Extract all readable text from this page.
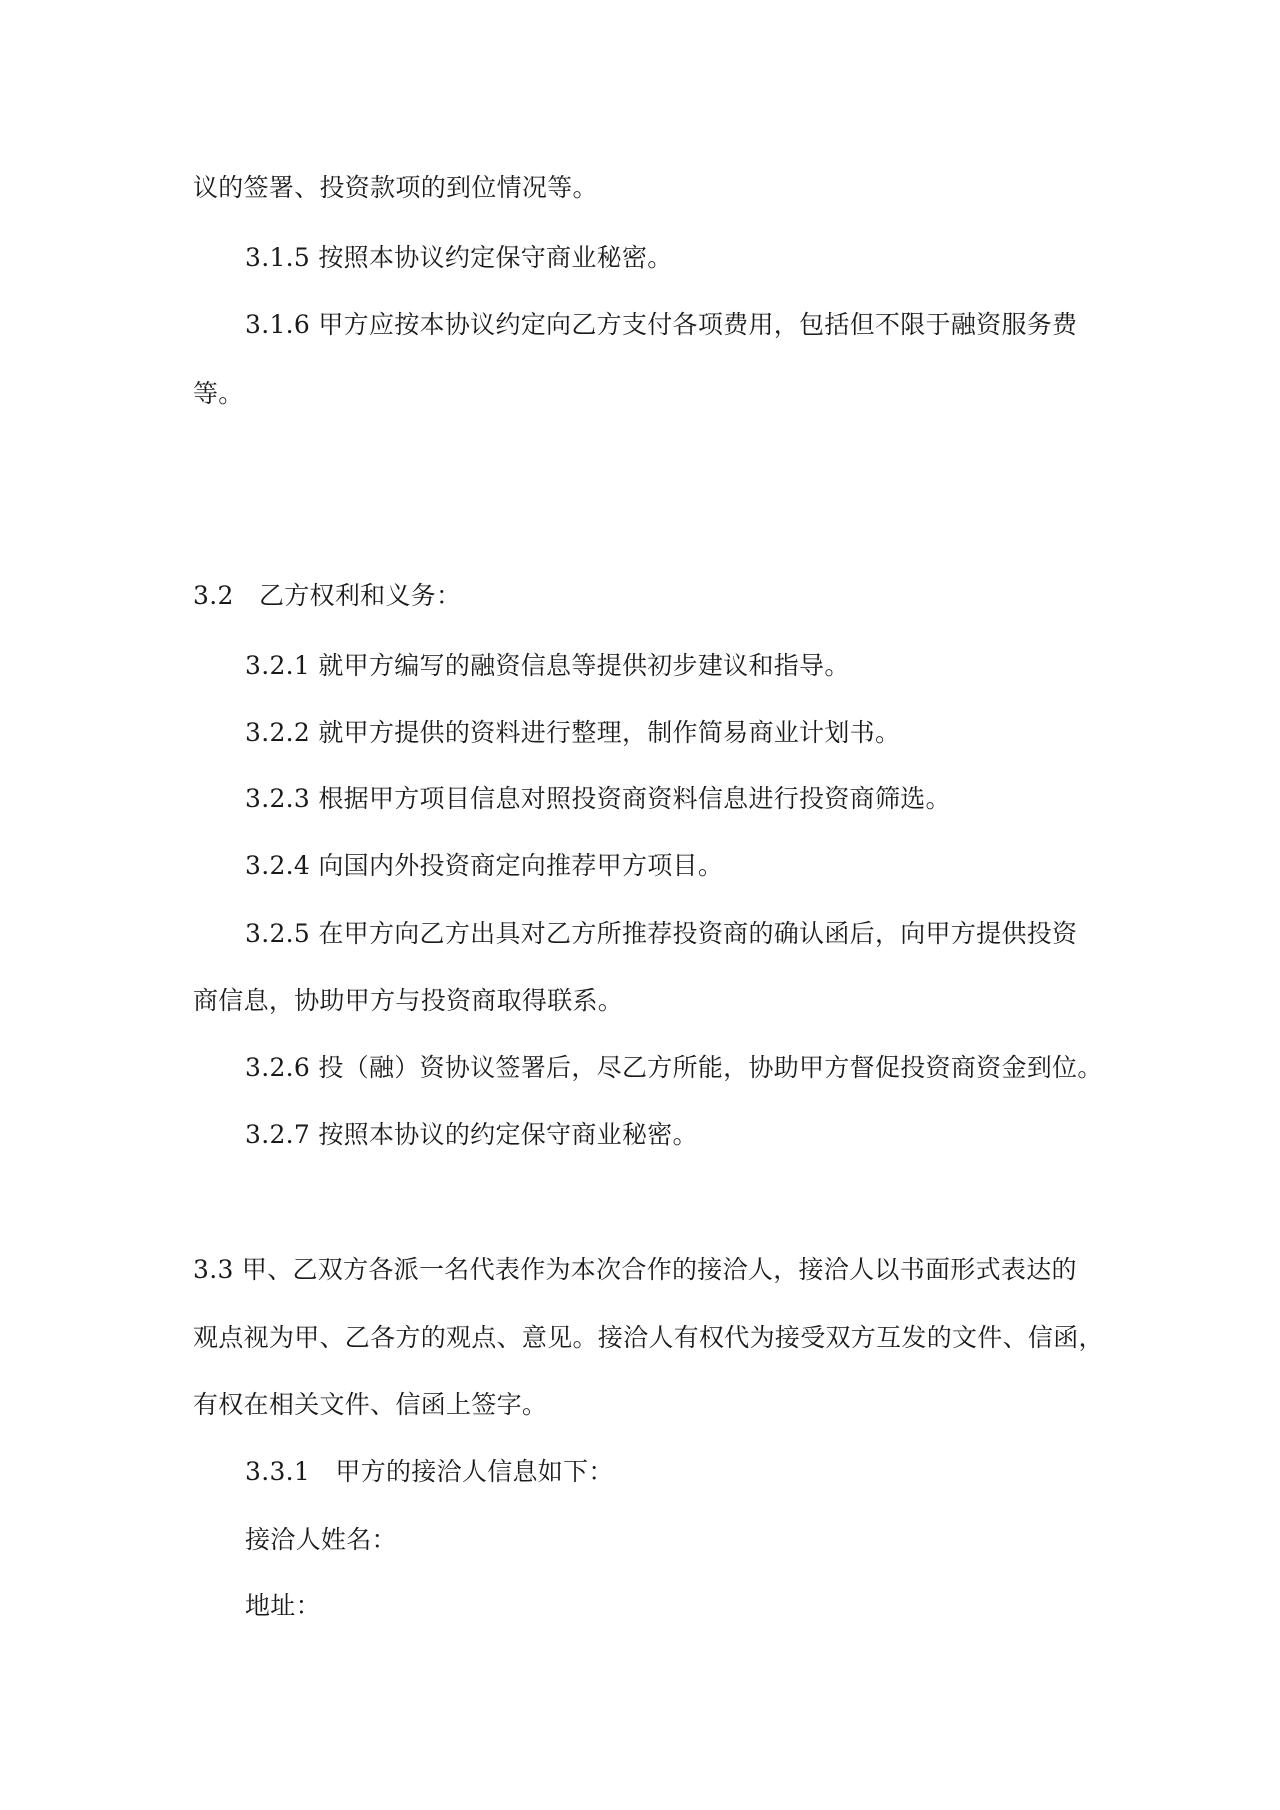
议的签署、投资款项的到位情况等。
3.1.5 按照本协议约定保守商业秘密。
3.1.6 甲方应按本协议约定向乙方支付各项费用，包括但不限于融资服务费
等。
3.2　乙方权利和义务：
3.2.1 就甲方编写的融资信息等提供初步建议和指导。
3.2.2 就甲方提供的资料进行整理，制作简易商业计划书。
3.2.3 根据甲方项目信息对照投资商资料信息进行投资商筛选。
3.2.4 向国内外投资商定向推荐甲方项目。
3.2.5 在甲方向乙方出具对乙方所推荐投资商的确认函后，向甲方提供投资
商信息，协助甲方与投资商取得联系。
3.2.6 投（融）资协议签署后，尽乙方所能，协助甲方督促投资商资金到位。
3.2.7 按照本协议的约定保守商业秘密。
3.3 甲、乙双方各派一名代表作为本次合作的接洽人，接洽人以书面形式表达的
观点视为甲、乙各方的观点、意见。接洽人有权代为接受双方互发的文件、信函，
有权在相关文件、信函上签字。
3.3.1　甲方的接洽人信息如下：
接洽人姓名：
地址：
